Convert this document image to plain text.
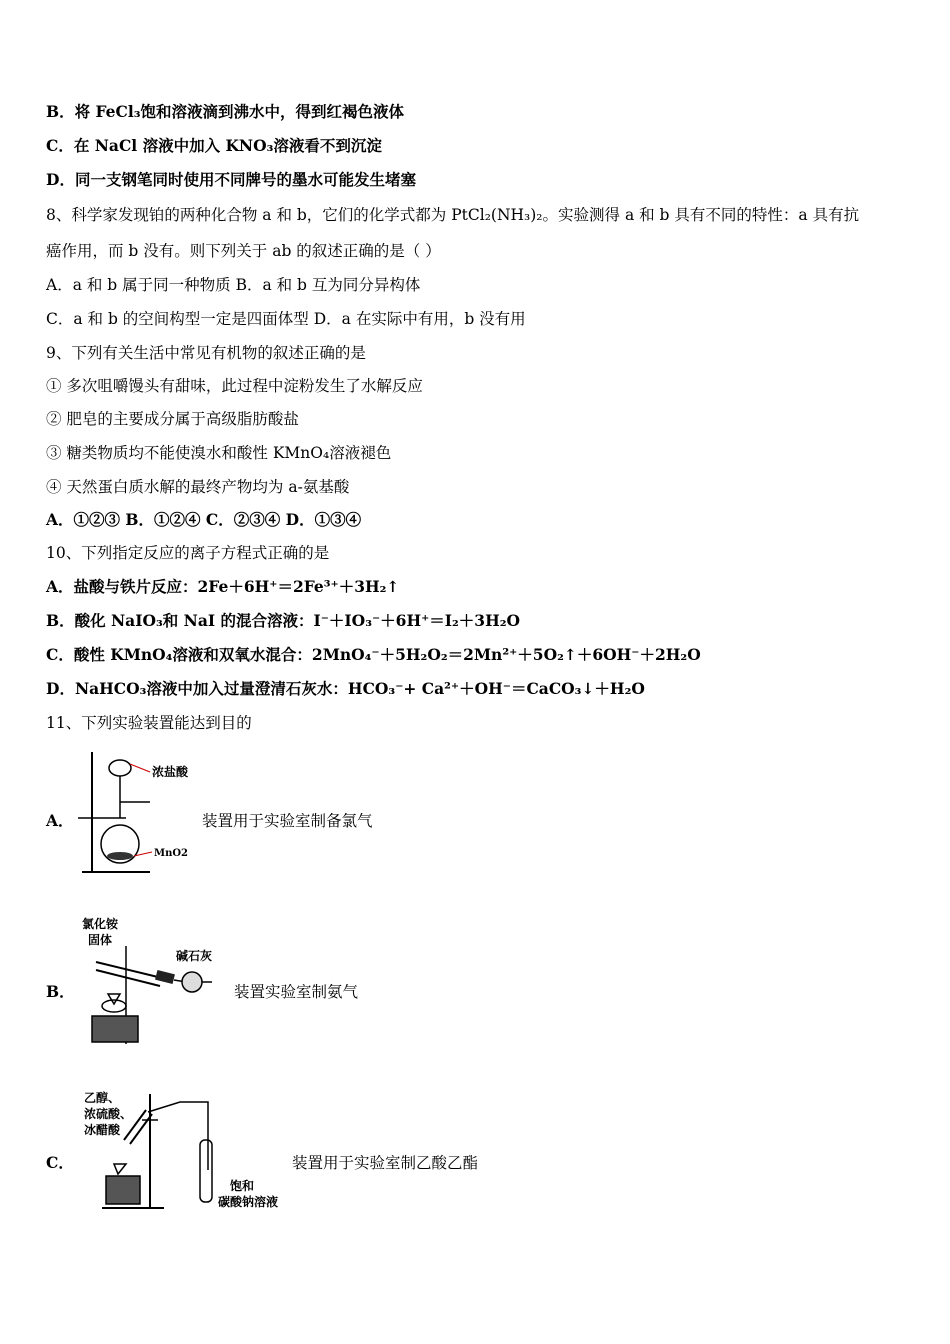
B．将 FeCl₃饱和溶液滴到沸水中，得到红褐色液体
C．在 NaCl 溶液中加入 KNO₃溶液看不到沉淀
D．同一支钢笔同时使用不同牌号的墨水可能发生堵塞
8、科学家发现铂的两种化合物 a 和 b，它们的化学式都为 PtCl₂(NH₃)₂。实验测得 a 和 b 具有不同的特性：a 具有抗
癌作用，而 b 没有。则下列关于 ab 的叙述正确的是（ ）
A．a 和 b 属于同一种物质 B．a 和 b 互为同分异构体
C．a 和 b 的空间构型一定是四面体型 D．a 在实际中有用，b 没有用
9、下列有关生活中常见有机物的叙述正确的是
① 多次咀嚼馒头有甜味，此过程中淀粉发生了水解反应
② 肥皂的主要成分属于高级脂肪酸盐
③ 糖类物质均不能使溴水和酸性 KMnO₄溶液褪色
④ 天然蛋白质水解的最终产物均为 a-氨基酸
A．①②③ B．①②④ C．②③④ D．①③④
10、下列指定反应的离子方程式正确的是
A．盐酸与铁片反应：2Fe＋6H⁺＝2Fe³⁺＋3H₂↑
B．酸化 NaIO₃和 NaI 的混合溶液：I⁻＋IO₃⁻＋6H⁺＝I₂＋3H₂O
C．酸性 KMnO₄溶液和双氧水混合：2MnO₄⁻＋5H₂O₂＝2Mn²⁺＋5O₂↑＋6OH⁻＋2H₂O
D．NaHCO₃溶液中加入过量澄清石灰水：HCO₃⁻+ Ca²⁺＋OH⁻＝CaCO₃↓＋H₂O
11、下列实验装置能达到目的
A．
浓盐酸
MnO2
装置用于实验室制备氯气
B．
氯化铵
固体
碱石灰
装置实验室制氨气
C．
乙醇、
浓硫酸、
冰醋酸
饱和
碳酸钠溶液
装置用于实验室制乙酸乙酯
